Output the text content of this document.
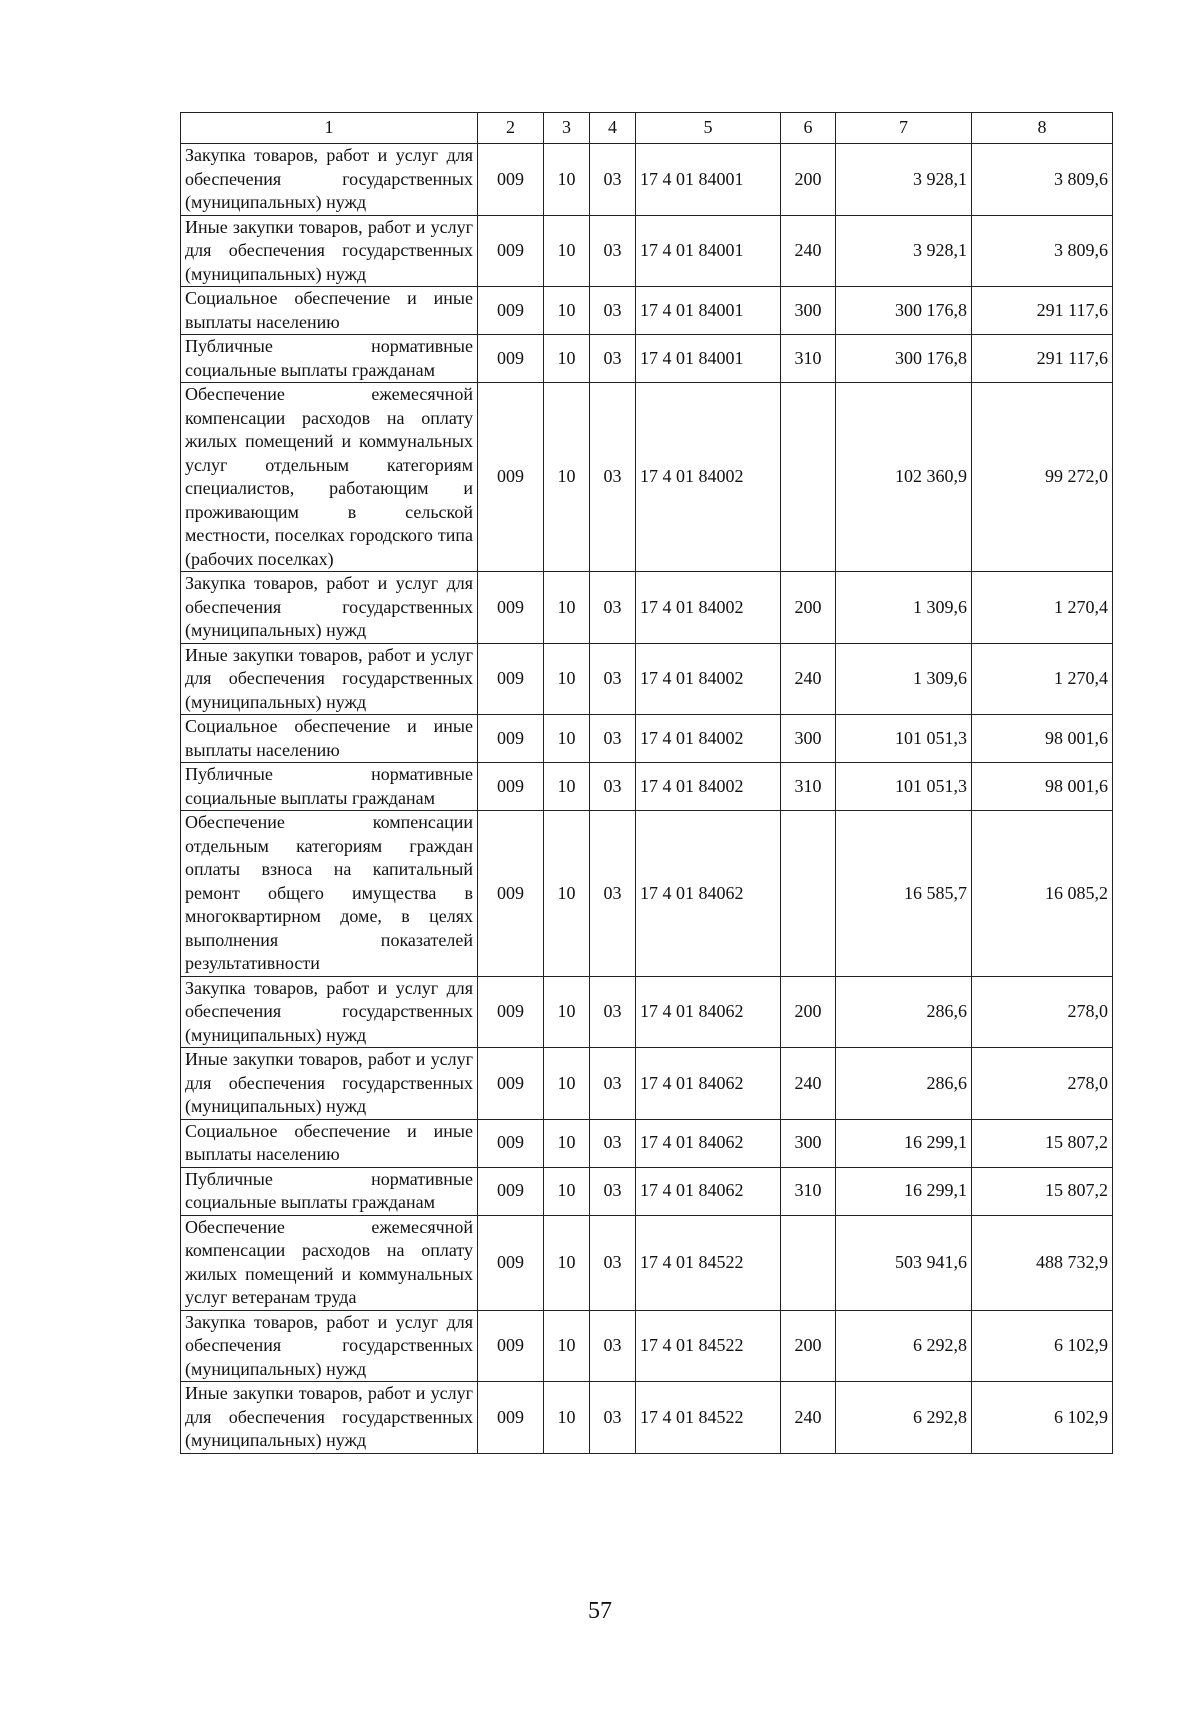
1	2	3	4	5	6	7	8
Закупка товаров, работ и услуг для обеспечения государственных (муниципальных) нужд	009	10	03	17 4 01 84001	200	3 928,1	3 809,6
Иные закупки товаров, работ и услуг для обеспечения государственных (муниципальных) нужд	009	10	03	17 4 01 84001	240	3 928,1	3 809,6
Социальное обеспечение и иные выплаты населению	009	10	03	17 4 01 84001	300	300 176,8	291 117,6
Публичные нормативные социальные выплаты гражданам	009	10	03	17 4 01 84001	310	300 176,8	291 117,6
Обеспечение ежемесячной компенсации расходов на оплату жилых помещений и коммунальных услуг отдельным категориям специалистов, работающим и проживающим в сельской местности, поселках городского типа (рабочих поселках)	009	10	03	17 4 01 84002		102 360,9	99 272,0
Закупка товаров, работ и услуг для обеспечения государственных (муниципальных) нужд	009	10	03	17 4 01 84002	200	1 309,6	1 270,4
Иные закупки товаров, работ и услуг для обеспечения государственных (муниципальных) нужд	009	10	03	17 4 01 84002	240	1 309,6	1 270,4
Социальное обеспечение и иные выплаты населению	009	10	03	17 4 01 84002	300	101 051,3	98 001,6
Публичные нормативные социальные выплаты гражданам	009	10	03	17 4 01 84002	310	101 051,3	98 001,6
Обеспечение компенсации отдельным категориям граждан оплаты взноса на капитальный ремонт общего имущества в многоквартирном доме, в целях выполнения показателей результативности	009	10	03	17 4 01 84062		16 585,7	16 085,2
Закупка товаров, работ и услуг для обеспечения государственных (муниципальных) нужд	009	10	03	17 4 01 84062	200	286,6	278,0
Иные закупки товаров, работ и услуг для обеспечения государственных (муниципальных) нужд	009	10	03	17 4 01 84062	240	286,6	278,0
Социальное обеспечение и иные выплаты населению	009	10	03	17 4 01 84062	300	16 299,1	15 807,2
Публичные нормативные социальные выплаты гражданам	009	10	03	17 4 01 84062	310	16 299,1	15 807,2
Обеспечение ежемесячной компенсации расходов на оплату жилых помещений и коммунальных услуг ветеранам труда	009	10	03	17 4 01 84522		503 941,6	488 732,9
Закупка товаров, работ и услуг для обеспечения государственных (муниципальных) нужд	009	10	03	17 4 01 84522	200	6 292,8	6 102,9
Иные закупки товаров, работ и услуг для обеспечения государственных (муниципальных) нужд	009	10	03	17 4 01 84522	240	6 292,8	6 102,9
57
